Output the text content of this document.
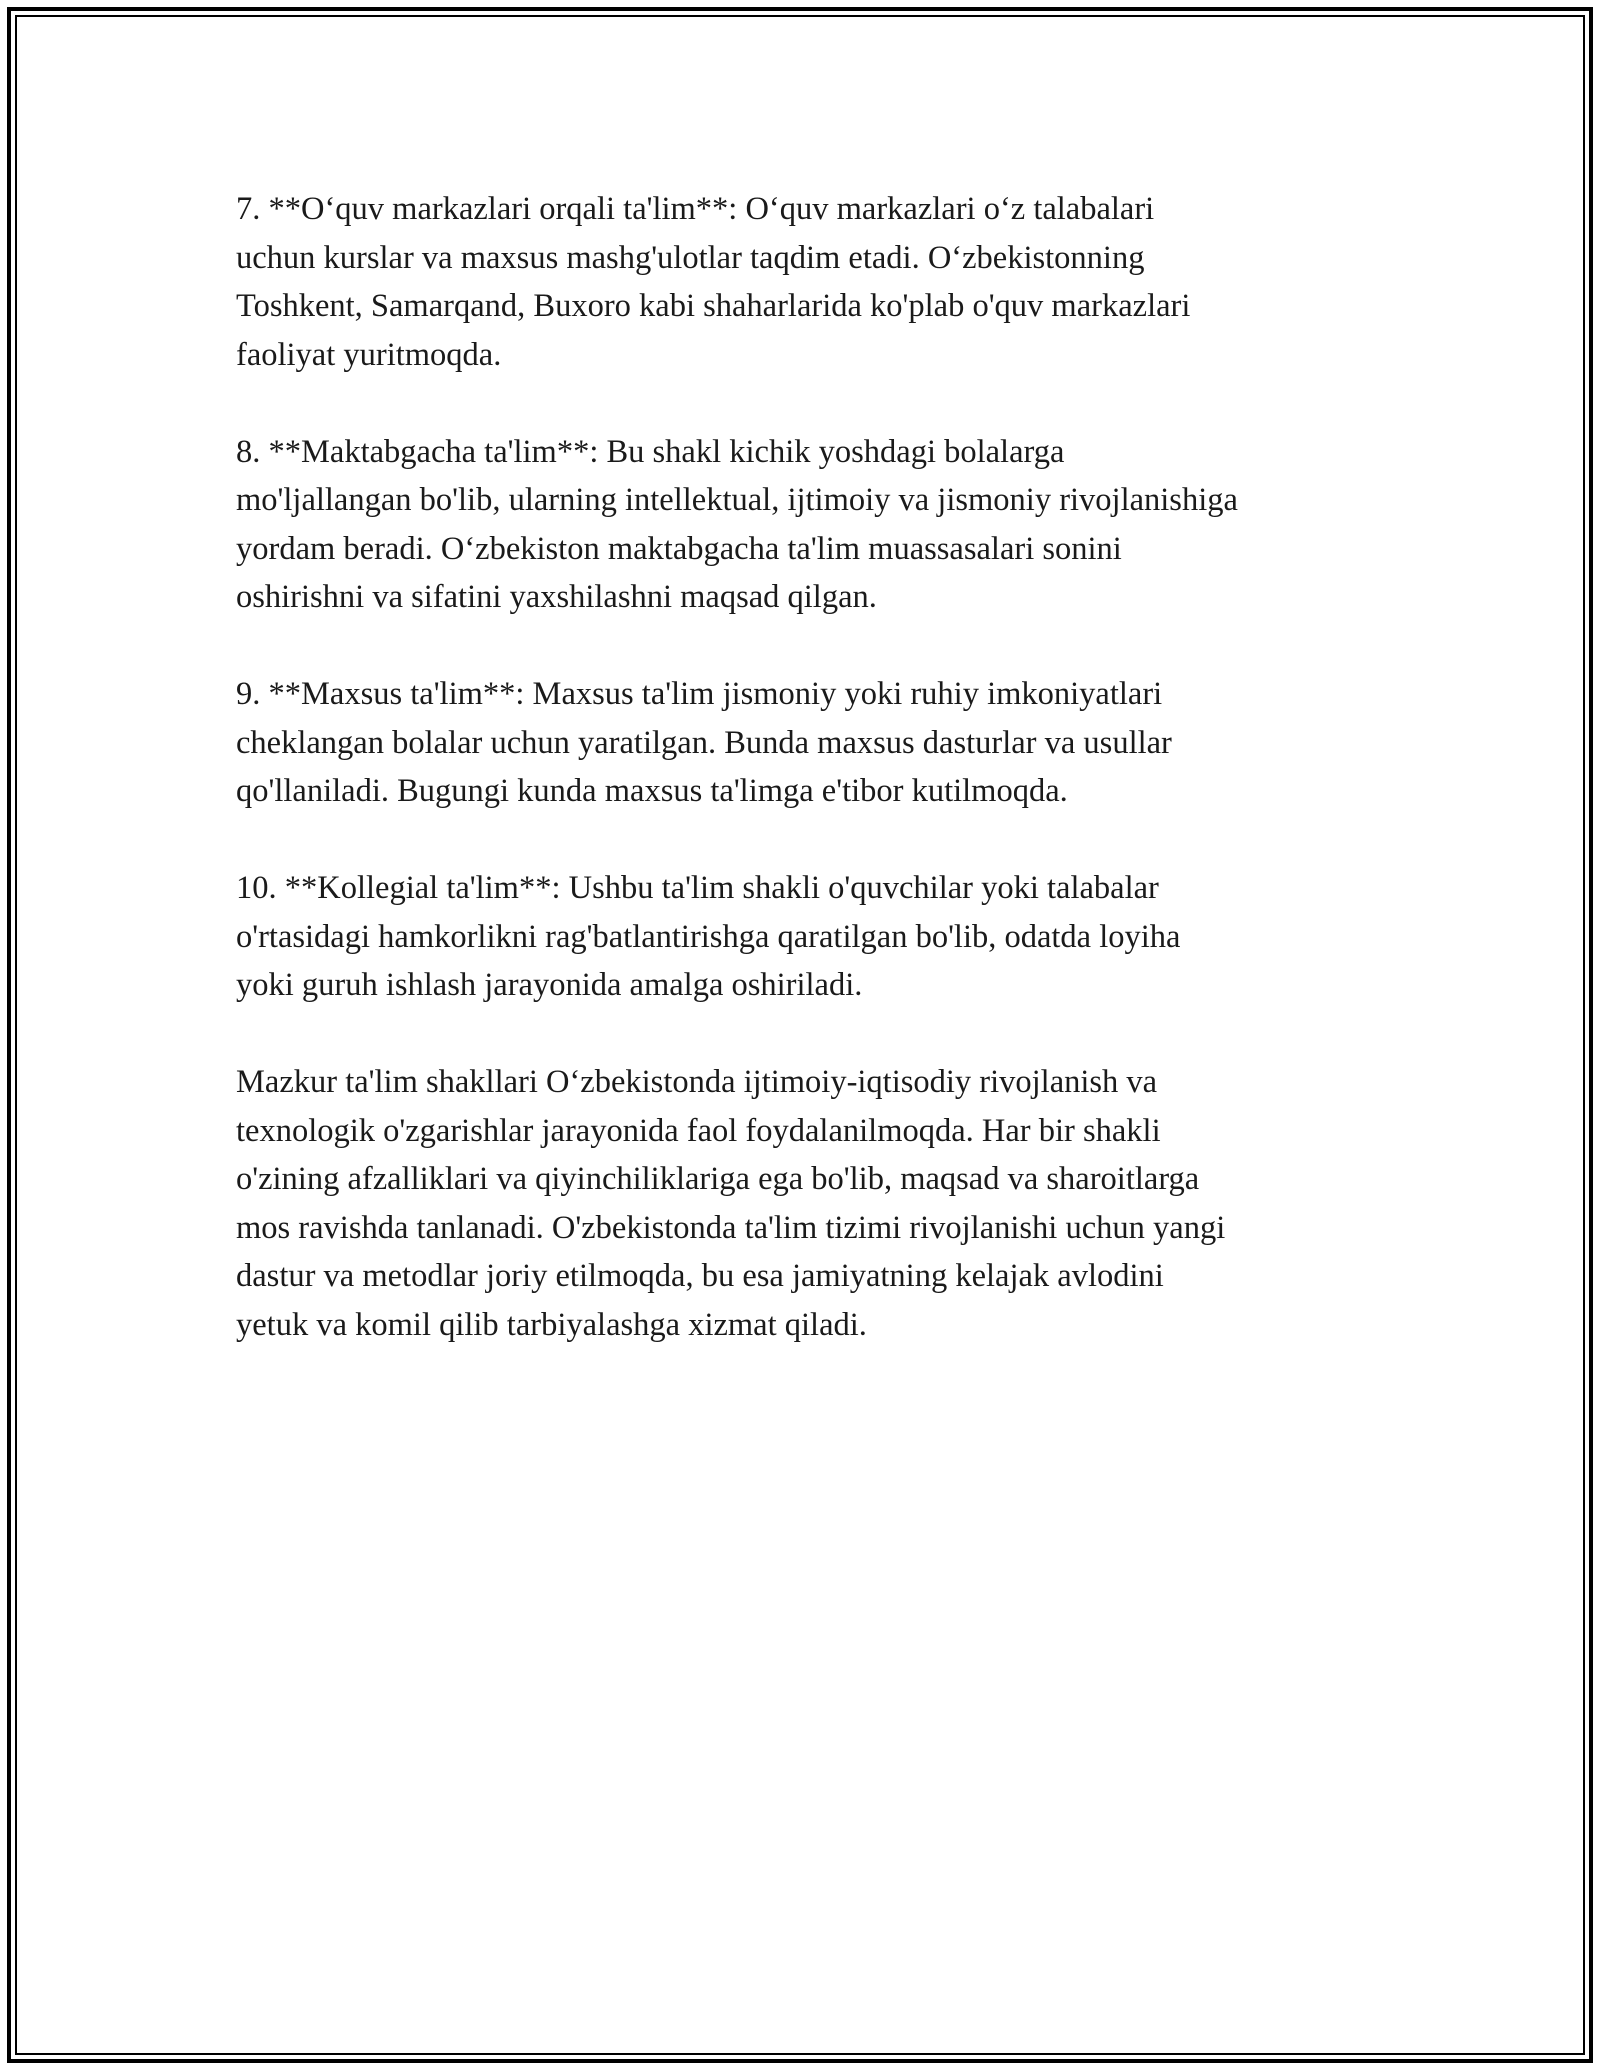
7. **O‘quv markazlari orqali ta'lim**: O‘quv markazlari o‘z talabalari
uchun kurslar va maxsus mashg'ulotlar taqdim etadi. O‘zbekistonning
Toshkent, Samarqand, Buxoro kabi shaharlarida ko'plab o'quv markazlari
faoliyat yuritmoqda.

8. **Maktabgacha ta'lim**: Bu shakl kichik yoshdagi bolalarga
mo'ljallangan bo'lib, ularning intellektual, ijtimoiy va jismoniy rivojlanishiga
yordam beradi. O‘zbekiston maktabgacha ta'lim muassasalari sonini
oshirishni va sifatini yaxshilashni maqsad qilgan.

9. **Maxsus ta'lim**: Maxsus ta'lim jismoniy yoki ruhiy imkoniyatlari
cheklangan bolalar uchun yaratilgan. Bunda maxsus dasturlar va usullar
qo'llaniladi. Bugungi kunda maxsus ta'limga e'tibor kutilmoqda.

10. **Kollegial ta'lim**: Ushbu ta'lim shakli o'quvchilar yoki talabalar
o'rtasidagi hamkorlikni rag'batlantirishga qaratilgan bo'lib, odatda loyiha
yoki guruh ishlash jarayonida amalga oshiriladi.

Mazkur ta'lim shakllari O‘zbekistonda ijtimoiy-iqtisodiy rivojlanish va
texnologik o'zgarishlar jarayonida faol foydalanilmoqda. Har bir shakli
o'zining afzalliklari va qiyinchiliklariga ega bo'lib, maqsad va sharoitlarga
mos ravishda tanlanadi. O'zbekistonda ta'lim tizimi rivojlanishi uchun yangi
dastur va metodlar joriy etilmoqda, bu esa jamiyatning kelajak avlodini
yetuk va komil qilib tarbiyalashga xizmat qiladi.
